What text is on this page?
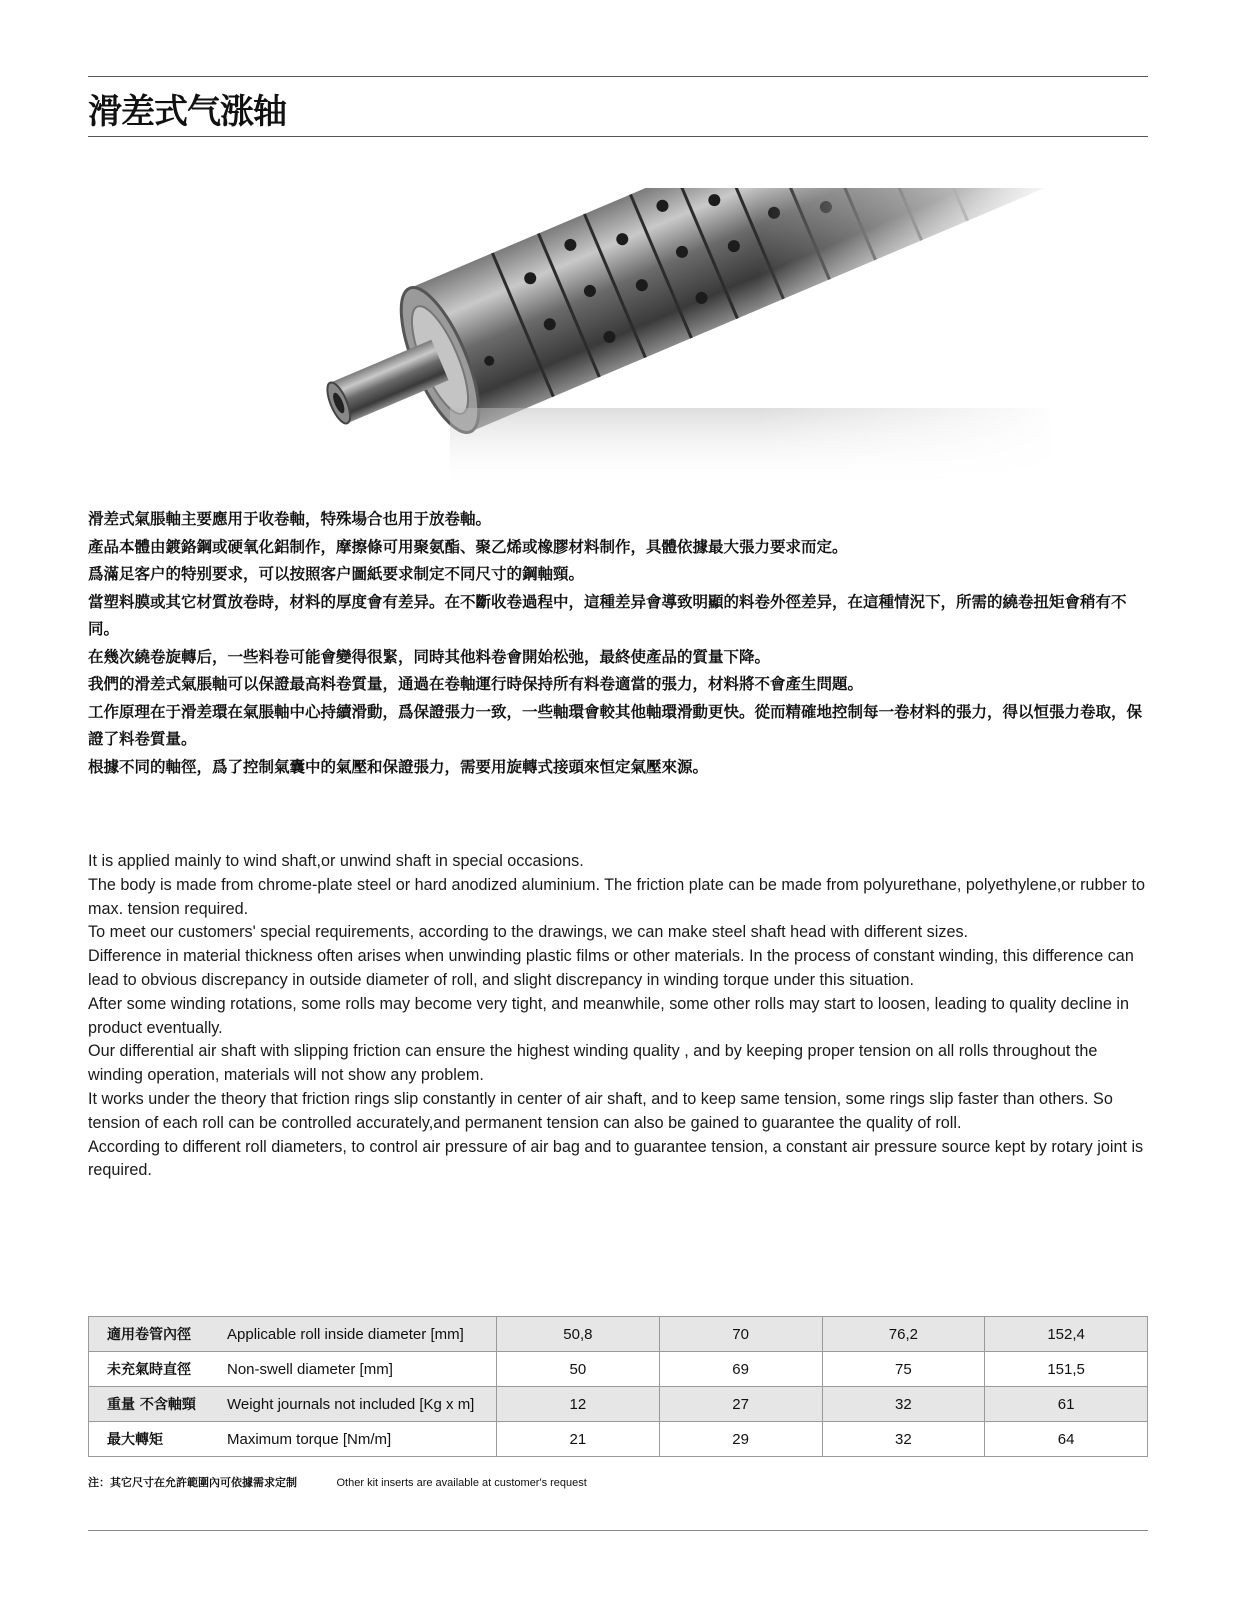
滑差式气涨轴

滑差式氣脹軸主要應用于收卷軸，特殊場合也用于放卷軸。

產品本體由鍍鉻鋼或硬氧化鋁制作，摩擦條可用聚氨酯、聚乙烯或橡膠材料制作，具體依據最大張力要求而定。

爲滿足客户的特别要求，可以按照客户圖紙要求制定不同尺寸的鋼軸頸。

當塑料膜或其它材質放卷時，材料的厚度會有差异。在不斷收卷過程中，這種差异會導致明顯的料卷外徑差异，在這種情況下，所需的繞卷扭矩會稍有不同。

在幾次繞卷旋轉后，一些料卷可能會變得很緊，同時其他料卷會開始松弛，最終使產品的質量下降。

我們的滑差式氣脹軸可以保證最高料卷質量，通過在卷軸運行時保持所有料卷適當的張力，材料將不會產生問題。

工作原理在于滑差環在氣脹軸中心持續滑動，爲保證張力一致，一些軸環會較其他軸環滑動更快。從而精確地控制每一卷材料的張力，得以恒張力卷取，保證了料卷質量。

根據不同的軸徑，爲了控制氣囊中的氣壓和保證張力，需要用旋轉式接頭來恒定氣壓來源。

It is applied mainly to wind shaft,or unwind shaft in special occasions.

The body is made from chrome-plate steel or hard anodized aluminium. The friction plate can be made from polyurethane, polyethylene,or rubber to max. tension required.

To meet our customers' special requirements, according to the drawings, we can make steel shaft head with different sizes.

Difference in material thickness often arises when unwinding plastic films or other materials. In the process of constant winding, this difference can lead to obvious discrepancy in outside diameter of roll, and slight discrepancy in winding torque under this situation.

After some winding rotations, some rolls may become very tight, and meanwhile, some other rolls may start to loosen, leading to quality decline in product eventually.

Our differential air shaft with slipping friction can ensure the highest winding quality , and by keeping proper tension on all rolls throughout the winding operation, materials will not show any problem.

It works under the theory that friction rings slip constantly in center of air shaft, and to keep same tension, some rings slip faster than others. So tension of each roll can be controlled accurately,and permanent tension can also be gained to guarantee the quality of roll.

According to different roll diameters, to control air pressure of air bag and to guarantee tension, a constant air pressure source kept by rotary joint is required.

適用卷管內徑 Applicable roll inside diameter [mm]	50,8	70	76,2	152,4
未充氣時直徑 Non-swell diameter [mm]	50	69	75	151,5
重量 不含軸頸 Weight journals not included [Kg x m]	12	27	32	61
最大轉矩 Maximum torque [Nm/m]	21	29	32	64
注：其它尺寸在允許範圍內可依據需求定制	Other kit inserts are available at customer's request
